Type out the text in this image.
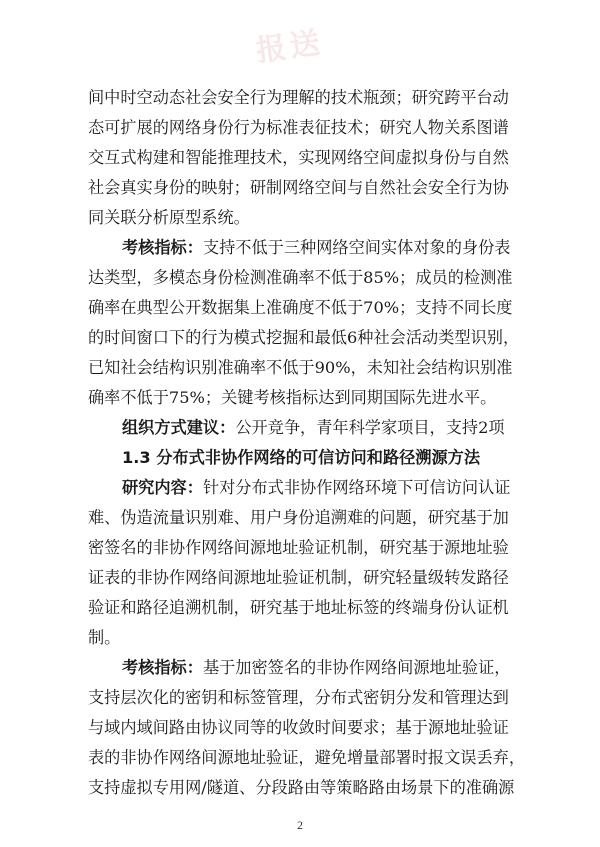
报送
间中时空动态社会安全行为理解的技术瓶颈；研究跨平台动
态可扩展的网络身份行为标准表征技术；研究人物关系图谱
交互式构建和智能推理技术，实现网络空间虚拟身份与自然
社会真实身份的映射；研制网络空间与自然社会安全行为协
同关联分析原型系统。
考核指标：支持不低于三种网络空间实体对象的身份表
达类型，多模态身份检测准确率不低于85%；成员的检测准
确率在典型公开数据集上准确度不低于70%；支持不同长度
的时间窗口下的行为模式挖掘和最低6种社会活动类型识别，
已知社会结构识别准确率不低于90%，未知社会结构识别准
确率不低于75%；关键考核指标达到同期国际先进水平。
组织方式建议：公开竞争，青年科学家项目，支持2项
1.3 分布式非协作网络的可信访问和路径溯源方法
研究内容：针对分布式非协作网络环境下可信访问认证
难、伪造流量识别难、用户身份追溯难的问题，研究基于加
密签名的非协作网络间源地址验证机制，研究基于源地址验
证表的非协作网络间源地址验证机制，研究轻量级转发路径
验证和路径追溯机制，研究基于地址标签的终端身份认证机
制。
考核指标：基于加密签名的非协作网络间源地址验证，
支持层次化的密钥和标签管理，分布式密钥分发和管理达到
与域内域间路由协议同等的收敛时间要求；基于源地址验证
表的非协作网络间源地址验证，避免增量部署时报文误丢弃，
支持虚拟专用网/隧道、分段路由等策略路由场景下的准确源
2
